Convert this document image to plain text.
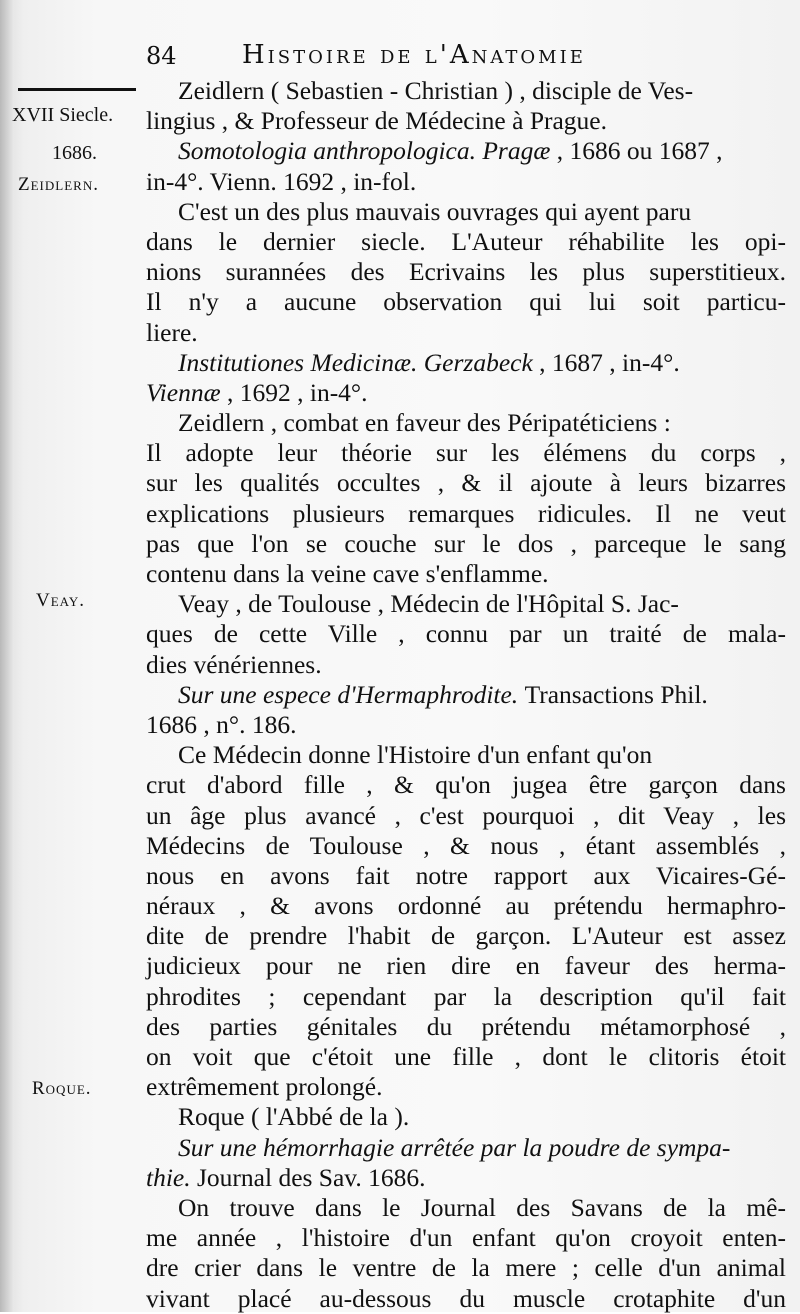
84	Histoire de l'Anatomie
XVII Siecle.
1686.
Zeidlern.
Veay.
Roque.
Zeidlern ( Sebastien - Christian ) , disciple de Ves-
lingius , & Professeur de Médecine à Prague.
Somotologia anthropologica. Pragæ , 1686 ou 1687 ,
in-4°. Vienn. 1692 , in-fol.
C'est un des plus mauvais ouvrages qui ayent paru
dans le dernier siecle. L'Auteur réhabilite les opi-
nions surannées des Ecrivains les plus superstitieux.
Il n'y a aucune observation qui lui soit particu-
liere.
Institutiones Medicinæ. Gerzabeck , 1687 , in-4°.
Viennæ , 1692 , in-4°.
Zeidlern , combat en faveur des Péripatéticiens :
Il adopte leur théorie sur les élémens du corps ,
sur les qualités occultes , & il ajoute à leurs bizarres
explications plusieurs remarques ridicules. Il ne veut
pas que l'on se couche sur le dos , parceque le sang
contenu dans la veine cave s'enflamme.
Veay , de Toulouse , Médecin de l'Hôpital S. Jac-
ques de cette Ville , connu par un traité de mala-
dies vénériennes.
Sur une espece d'Hermaphrodite. Transactions Phil.
1686 , n°. 186.
Ce Médecin donne l'Histoire d'un enfant qu'on
crut d'abord fille , & qu'on jugea être garçon dans
un âge plus avancé , c'est pourquoi , dit Veay , les
Médecins de Toulouse , & nous , étant assemblés ,
nous en avons fait notre rapport aux Vicaires-Gé-
néraux , & avons ordonné au prétendu hermaphro-
dite de prendre l'habit de garçon. L'Auteur est assez
judicieux pour ne rien dire en faveur des herma-
phrodites ; cependant par la description qu'il fait
des parties génitales du prétendu métamorphosé ,
on voit que c'étoit une fille , dont le clitoris étoit
extrêmement prolongé.
Roque ( l'Abbé de la ).
Sur une hémorrhagie arrêtée par la poudre de sympa-
thie. Journal des Sav. 1686.
On trouve dans le Journal des Savans de la mê-
me année , l'histoire d'un enfant qu'on croyoit enten-
dre crier dans le ventre de la mere ; celle d'un animal
vivant placé au-dessous du muscle crotaphite d'un
